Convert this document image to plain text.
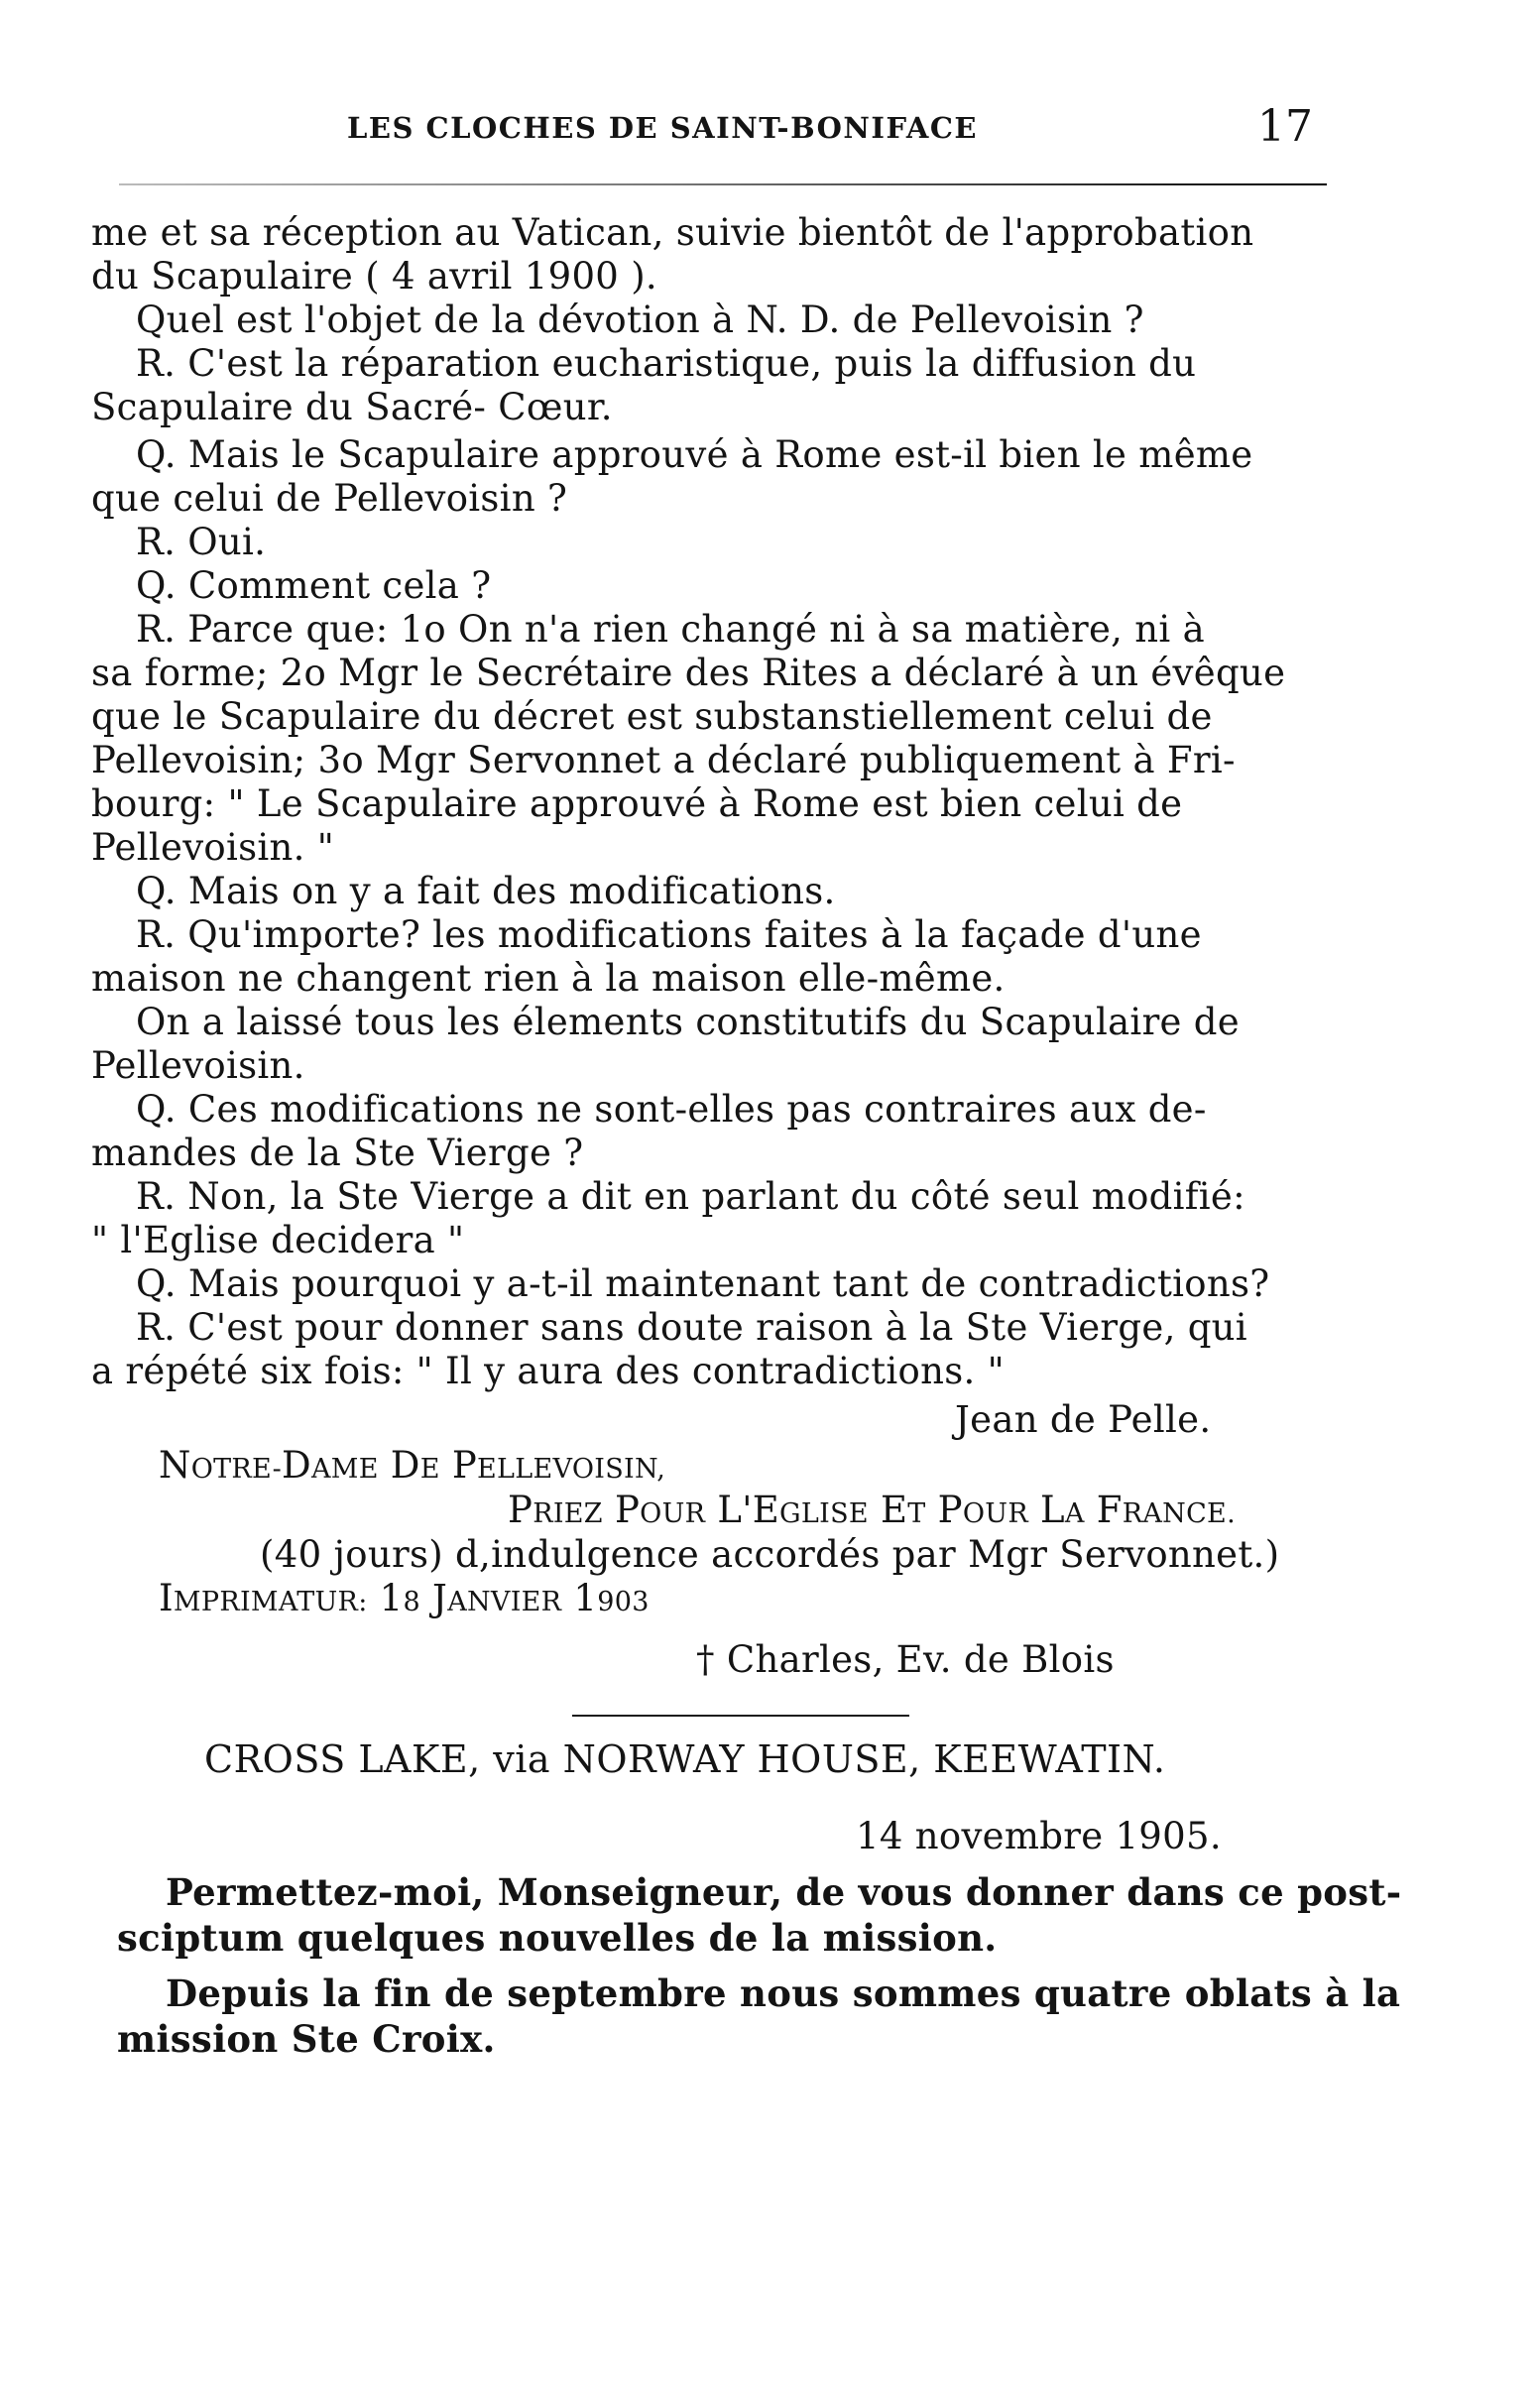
LES CLOCHES DE SAINT-BONIFACE	17
me et sa réception au Vatican, suivie bientôt de l'approbation
du Scapulaire ( 4 avril 1900 ).
Quel est l'objet de la dévotion à N. D. de Pellevoisin ?
R. C'est la réparation eucharistique, puis la diffusion du
Scapulaire du Sacré- Cœur.
Q. Mais le Scapulaire approuvé à Rome est-il bien le même
que celui de Pellevoisin ?
R. Oui.
Q. Comment cela ?
R. Parce que: 1o On n'a rien changé ni à sa matière, ni à
sa forme; 2o Mgr le Secrétaire des Rites a déclaré à un évêque
que le Scapulaire du décret est substanstiellement celui de
Pellevoisin; 3o Mgr Servonnet a déclaré publiquement à Fri-
bourg: " Le Scapulaire approuvé à Rome est bien celui de
Pellevoisin. "
Q. Mais on y a fait des modifications.
R. Qu'importe? les modifications faites à la façade d'une
maison ne changent rien à la maison elle-même.
On a laissé tous les élements constitutifs du Scapulaire de
Pellevoisin.
Q. Ces modifications ne sont-elles pas contraires aux de-
mandes de la Ste Vierge ?
R. Non, la Ste Vierge a dit en parlant du côté seul modifié:
" l'Eglise decidera "
Q. Mais pourquoi y a-t-il maintenant tant de contradictions?
R. C'est pour donner sans doute raison à la Ste Vierge, qui
a répété six fois: " Il y aura des contradictions. "
Jean de Pelle.
NOTRE-DAME DE PELLEVOISIN,
PRIEZ POUR L'EGLISE ET POUR LA FRANCE.
(40 jours) d,indulgence accordés par Mgr Servonnet.)
IMPRIMATUR: 18 JANVIER 1903
† Charles, Ev. de Blois
CROSS LAKE, via NORWAY HOUSE, KEEWATIN.
14 novembre 1905.
Permettez-moi, Monseigneur, de vous donner dans ce post-
sciptum quelques nouvelles de la mission.
Depuis la fin de septembre nous sommes quatre oblats à la
mission Ste Croix.
